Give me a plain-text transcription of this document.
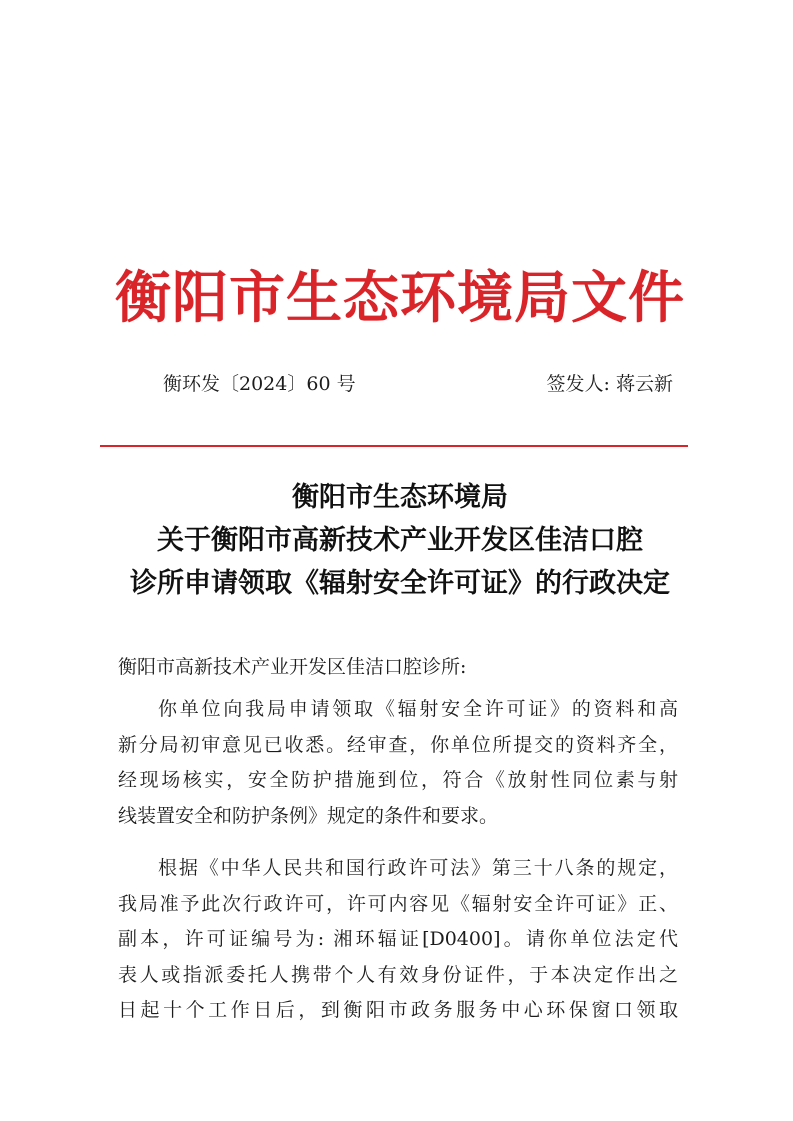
衡阳市生态环境局文件
衡环发〔2024〕60 号	签发人: 蒋云新
衡阳市生态环境局
关于衡阳市高新技术产业开发区佳洁口腔
诊所申请领取《辐射安全许可证》的行政决定
衡阳市高新技术产业开发区佳洁口腔诊所:
你单位向我局申请领取《辐射安全许可证》的资料和高
新分局初审意见已收悉。经审查，你单位所提交的资料齐全，
经现场核实，安全防护措施到位，符合《放射性同位素与射
线装置安全和防护条例》规定的条件和要求。
根据《中华人民共和国行政许可法》第三十八条的规定，
我局准予此次行政许可，许可内容见《辐射安全许可证》正、
副本，许可证编号为: 湘环辐证[D0400]。请你单位法定代
表人或指派委托人携带个人有效身份证件，于本决定作出之
日起十个工作日后，到衡阳市政务服务中心环保窗口领取
